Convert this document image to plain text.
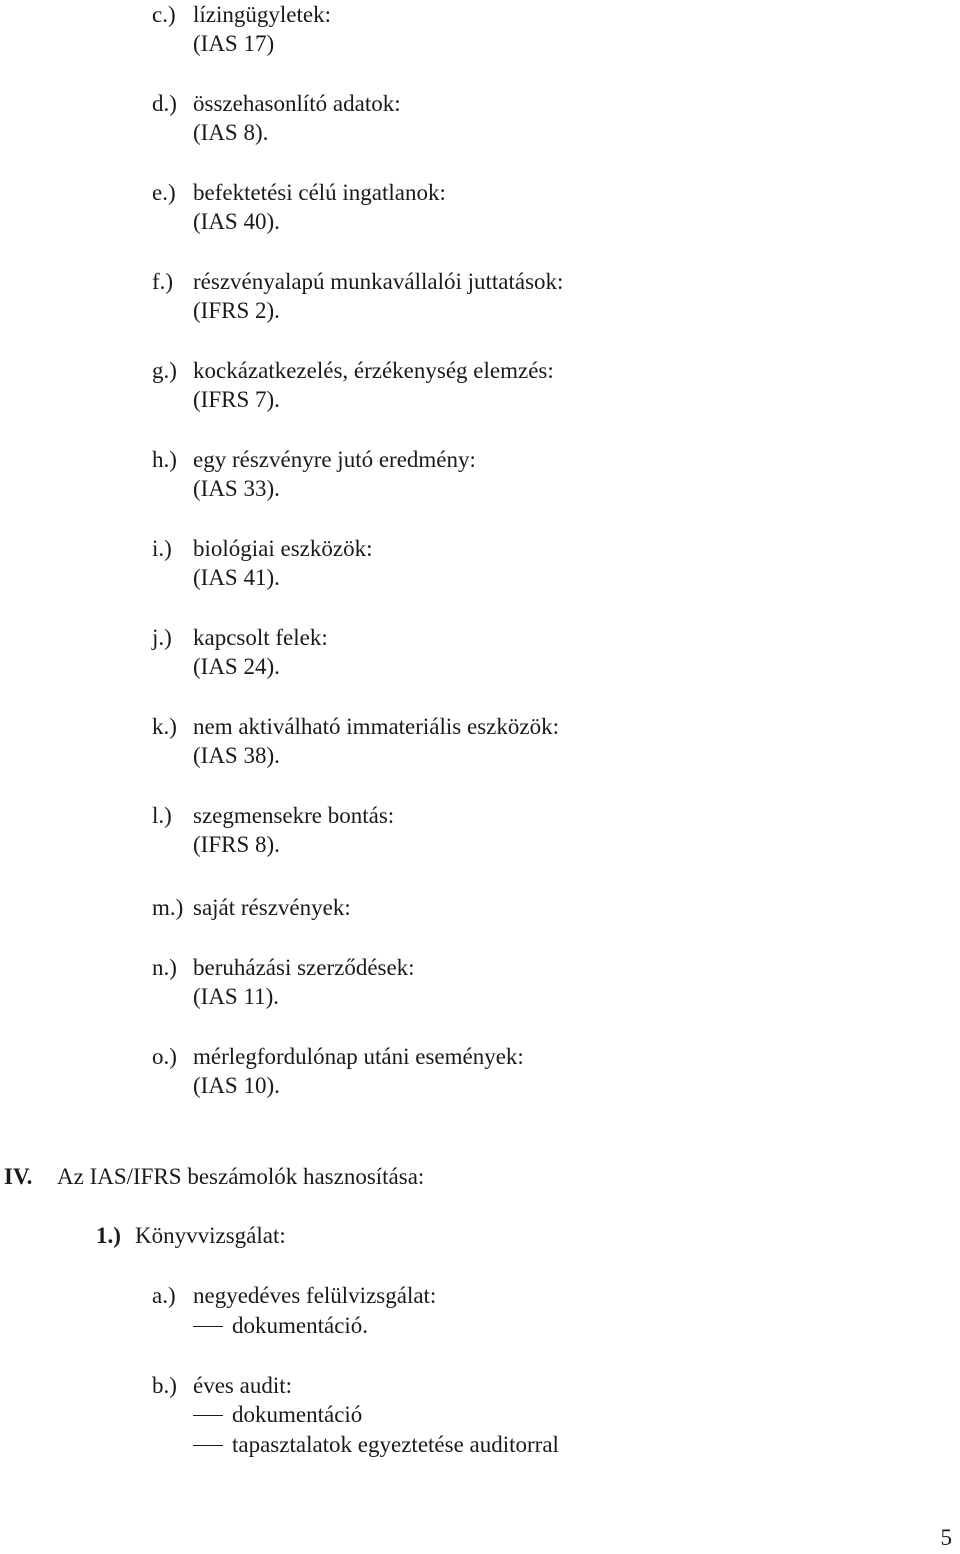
c.) lízingügyletek:
(IAS 17)
d.) összehasonlító adatok:
(IAS 8).
e.) befektetési célú ingatlanok:
(IAS 40).
f.) részvényalapú munkavállalói juttatások:
(IFRS 2).
g.) kockázatkezelés, érzékenység elemzés:
(IFRS 7).
h.) egy részvényre jutó eredmény:
(IAS 33).
i.) biológiai eszközök:
(IAS 41).
j.) kapcsolt felek:
(IAS 24).
k.) nem aktiválható immateriális eszközök:
(IAS 38).
l.) szegmensekre bontás:
(IFRS 8).
m.) saját részvények:
n.) beruházási szerződések:
(IAS 11).
o.) mérlegfordulónap utáni események:
(IAS 10).
IV. Az IAS/IFRS beszámolók hasznosítása:
1.) Könyvvizsgálat:
a.) negyedéves felülvizsgálat:
dokumentáció.
b.) éves audit:
dokumentáció
tapasztalatok egyeztetése auditorral
5
